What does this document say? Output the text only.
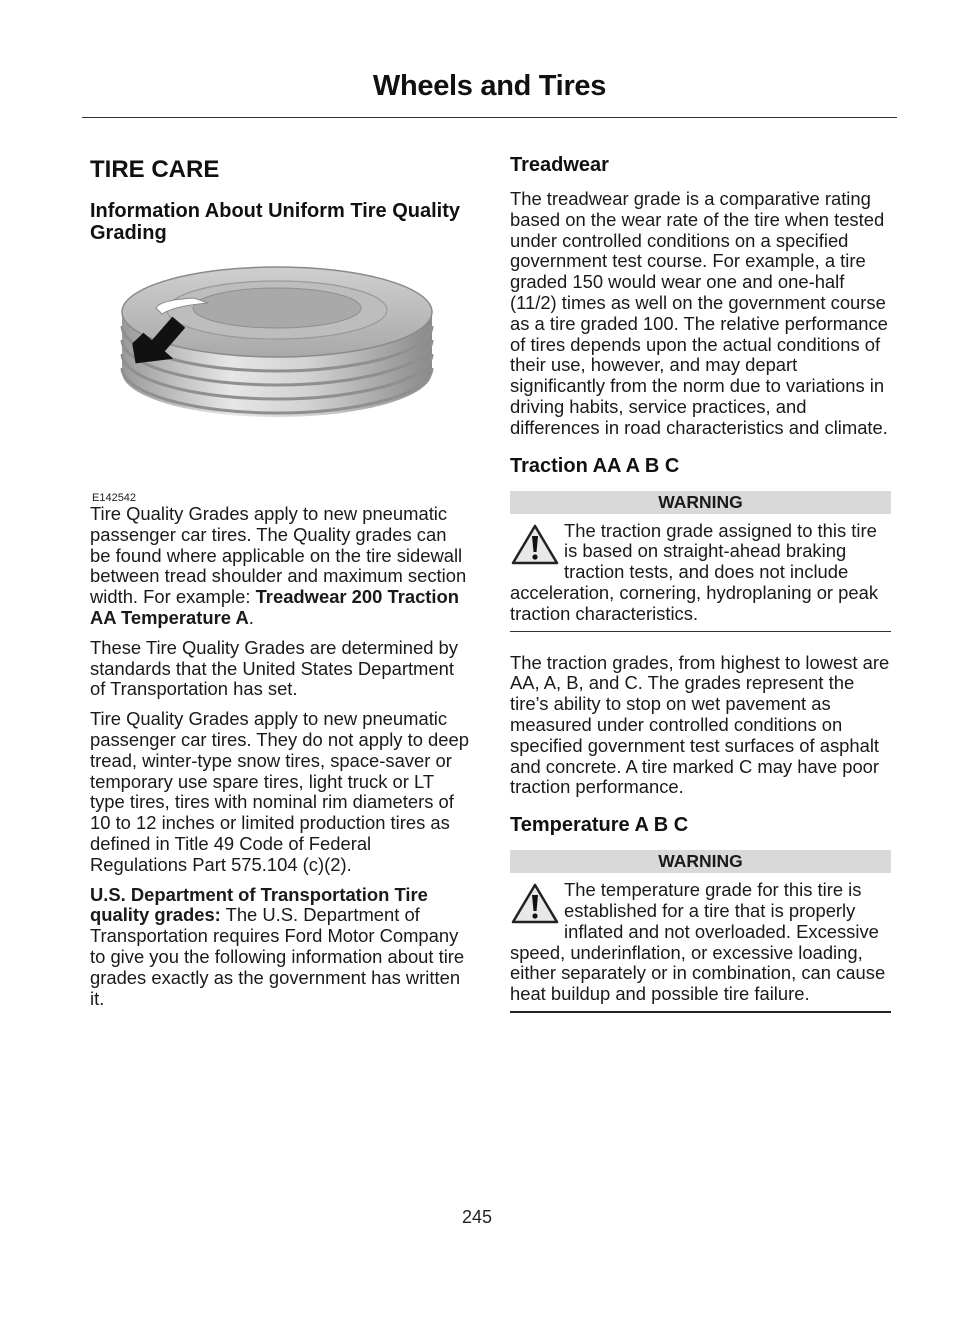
Wheels and Tires
TIRE CARE
Information About Uniform Tire Quality Grading
E142542

Tire Quality Grades apply to new pneumatic passenger car tires. The Quality grades can be found where applicable on the tire sidewall between tread shoulder and maximum section width. For example: Treadwear 200 Traction AA Temperature A.

These Tire Quality Grades are determined by standards that the United States Department of Transportation has set.

Tire Quality Grades apply to new pneumatic passenger car tires. They do not apply to deep tread, winter-type snow tires, space-saver or temporary use spare tires, light truck or LT type tires, tires with nominal rim diameters of 10 to 12 inches or limited production tires as defined in Title 49 Code of Federal Regulations Part 575.104 (c)(2).

U.S. Department of Transportation Tire quality grades: The U.S. Department of Transportation requires Ford Motor Company to give you the following information about tire grades exactly as the government has written it.

Treadwear

The treadwear grade is a comparative rating based on the wear rate of the tire when tested under controlled conditions on a specified government test course. For example, a tire graded 150 would wear one and one-half (11/2) times as well on the government course as a tire graded 100. The relative performance of tires depends upon the actual conditions of their use, however, and may depart significantly from the norm due to variations in driving habits, service practices, and differences in road characteristics and climate.

Traction AA A B C
WARNING

The traction grade assigned to this tire is based on straight-ahead braking traction tests, and does not include acceleration, cornering, hydroplaning or peak traction characteristics.

The traction grades, from highest to lowest are AA, A, B, and C. The grades represent the tire’s ability to stop on wet pavement as measured under controlled conditions on specified government test surfaces of asphalt and concrete. A tire marked C may have poor traction performance.

Temperature A B C
WARNING

The temperature grade for this tire is established for a tire that is properly inflated and not overloaded. Excessive speed, underinflation, or excessive loading, either separately or in combination, can cause heat buildup and possible tire failure.

245
